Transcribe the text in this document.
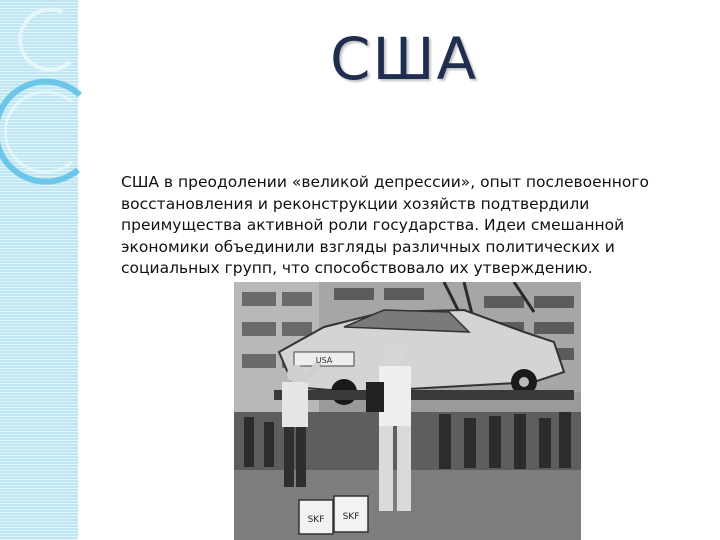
США
США в преодолении «великой депрессии», опыт послевоенного восстановления и реконструкции хозяйств подтвердили преимущества активной роли государства. Идеи смешанной экономики объединили взгляды различных политических и социальных групп, что способствовало их утверждению.
SKF SKF
USA
